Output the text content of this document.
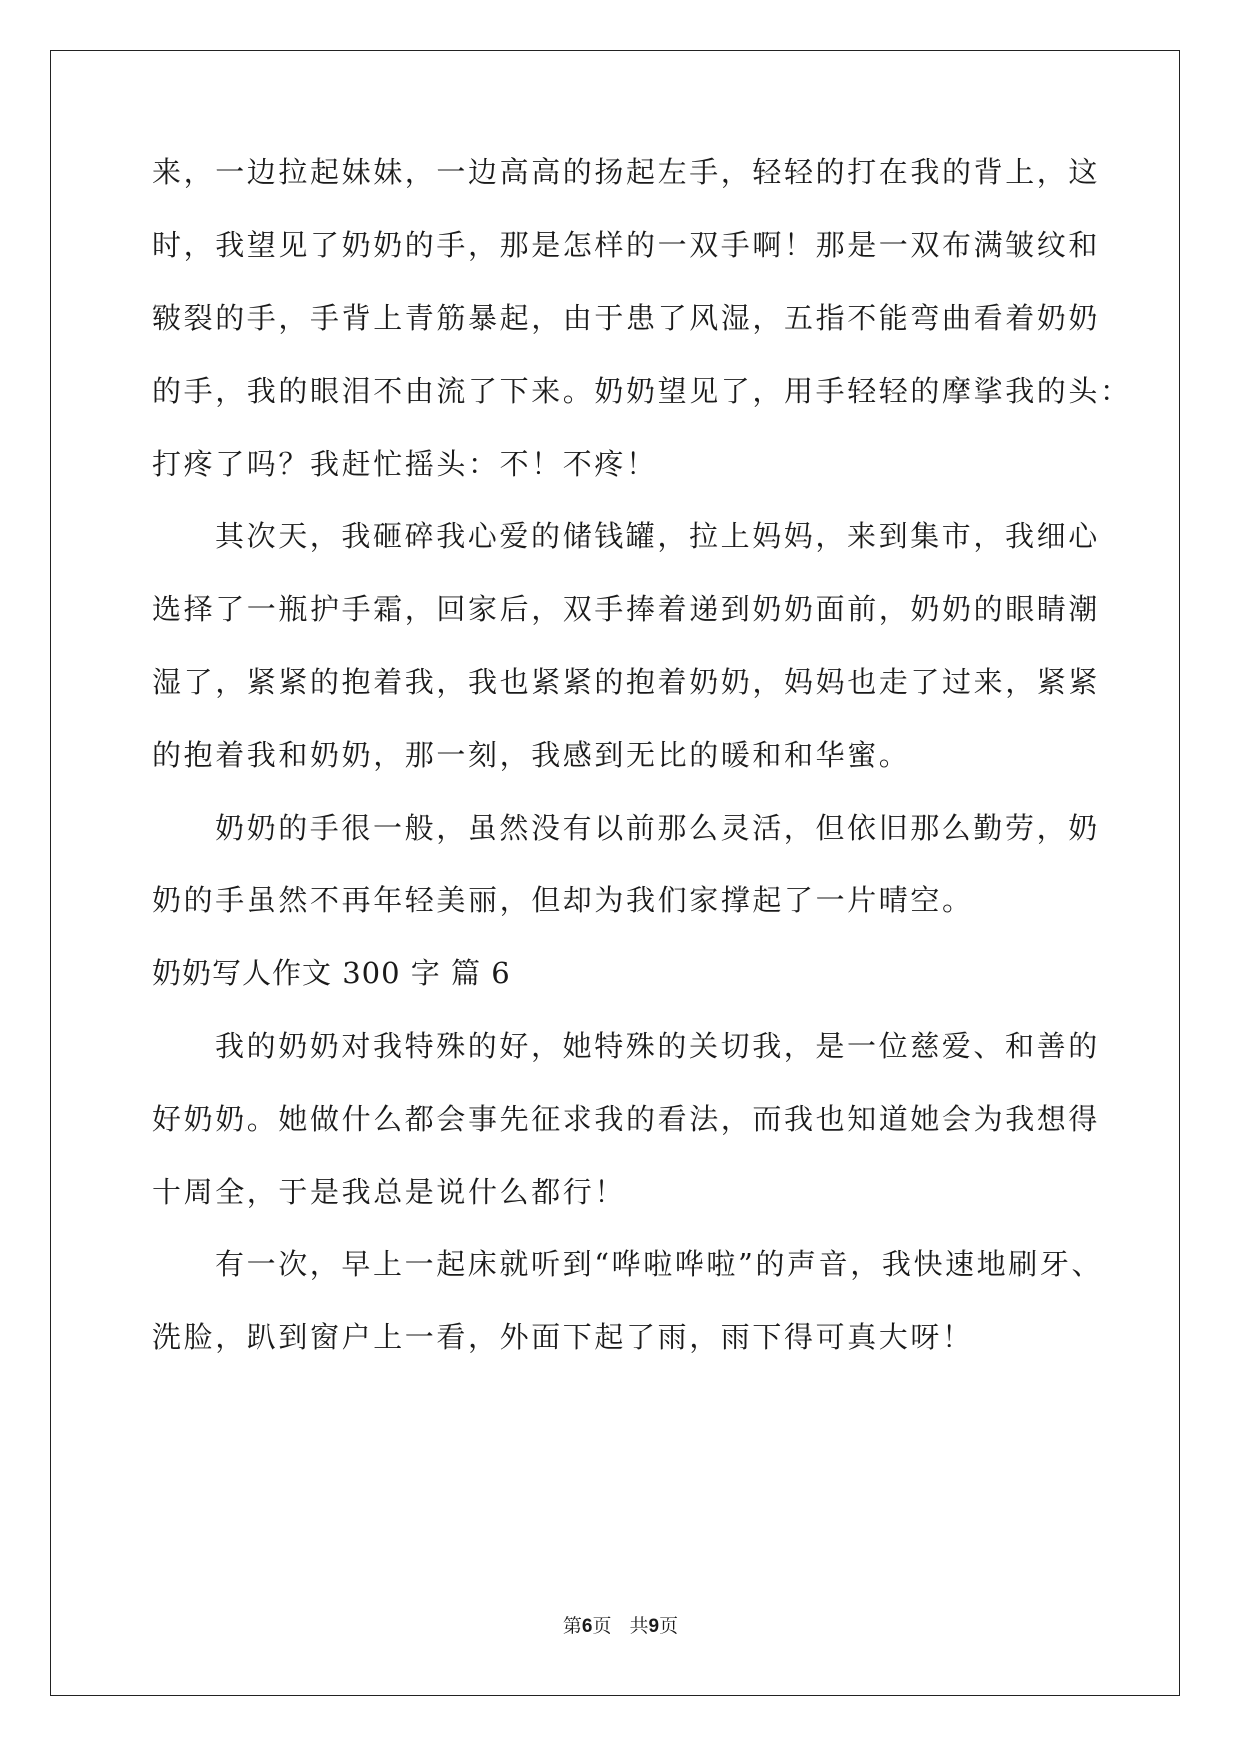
来，一边拉起妹妹，一边高高的扬起左手，轻轻的打在我的背上，这
时，我望见了奶奶的手，那是怎样的一双手啊！那是一双布满皱纹和
皲裂的手，手背上青筋暴起，由于患了风湿，五指不能弯曲看着奶奶
的手，我的眼泪不由流了下来。奶奶望见了，用手轻轻的摩挲我的头：
打疼了吗？我赶忙摇头：不！不疼！
其次天，我砸碎我心爱的储钱罐，拉上妈妈，来到集市，我细心
选择了一瓶护手霜，回家后，双手捧着递到奶奶面前，奶奶的眼睛潮
湿了，紧紧的抱着我，我也紧紧的抱着奶奶，妈妈也走了过来，紧紧
的抱着我和奶奶，那一刻，我感到无比的暖和和华蜜。
奶奶的手很一般，虽然没有以前那么灵活，但依旧那么勤劳，奶
奶的手虽然不再年轻美丽，但却为我们家撑起了一片晴空。
奶奶写人作文 300 字 篇 6
我的奶奶对我特殊的好，她特殊的关切我，是一位慈爱、和善的
好奶奶。她做什么都会事先征求我的看法，而我也知道她会为我想得
十周全，于是我总是说什么都行！
有一次，早上一起床就听到“哗啦哗啦”的声音，我快速地刷牙、
洗脸，趴到窗户上一看，外面下起了雨，雨下得可真大呀！
第6页 共9页
